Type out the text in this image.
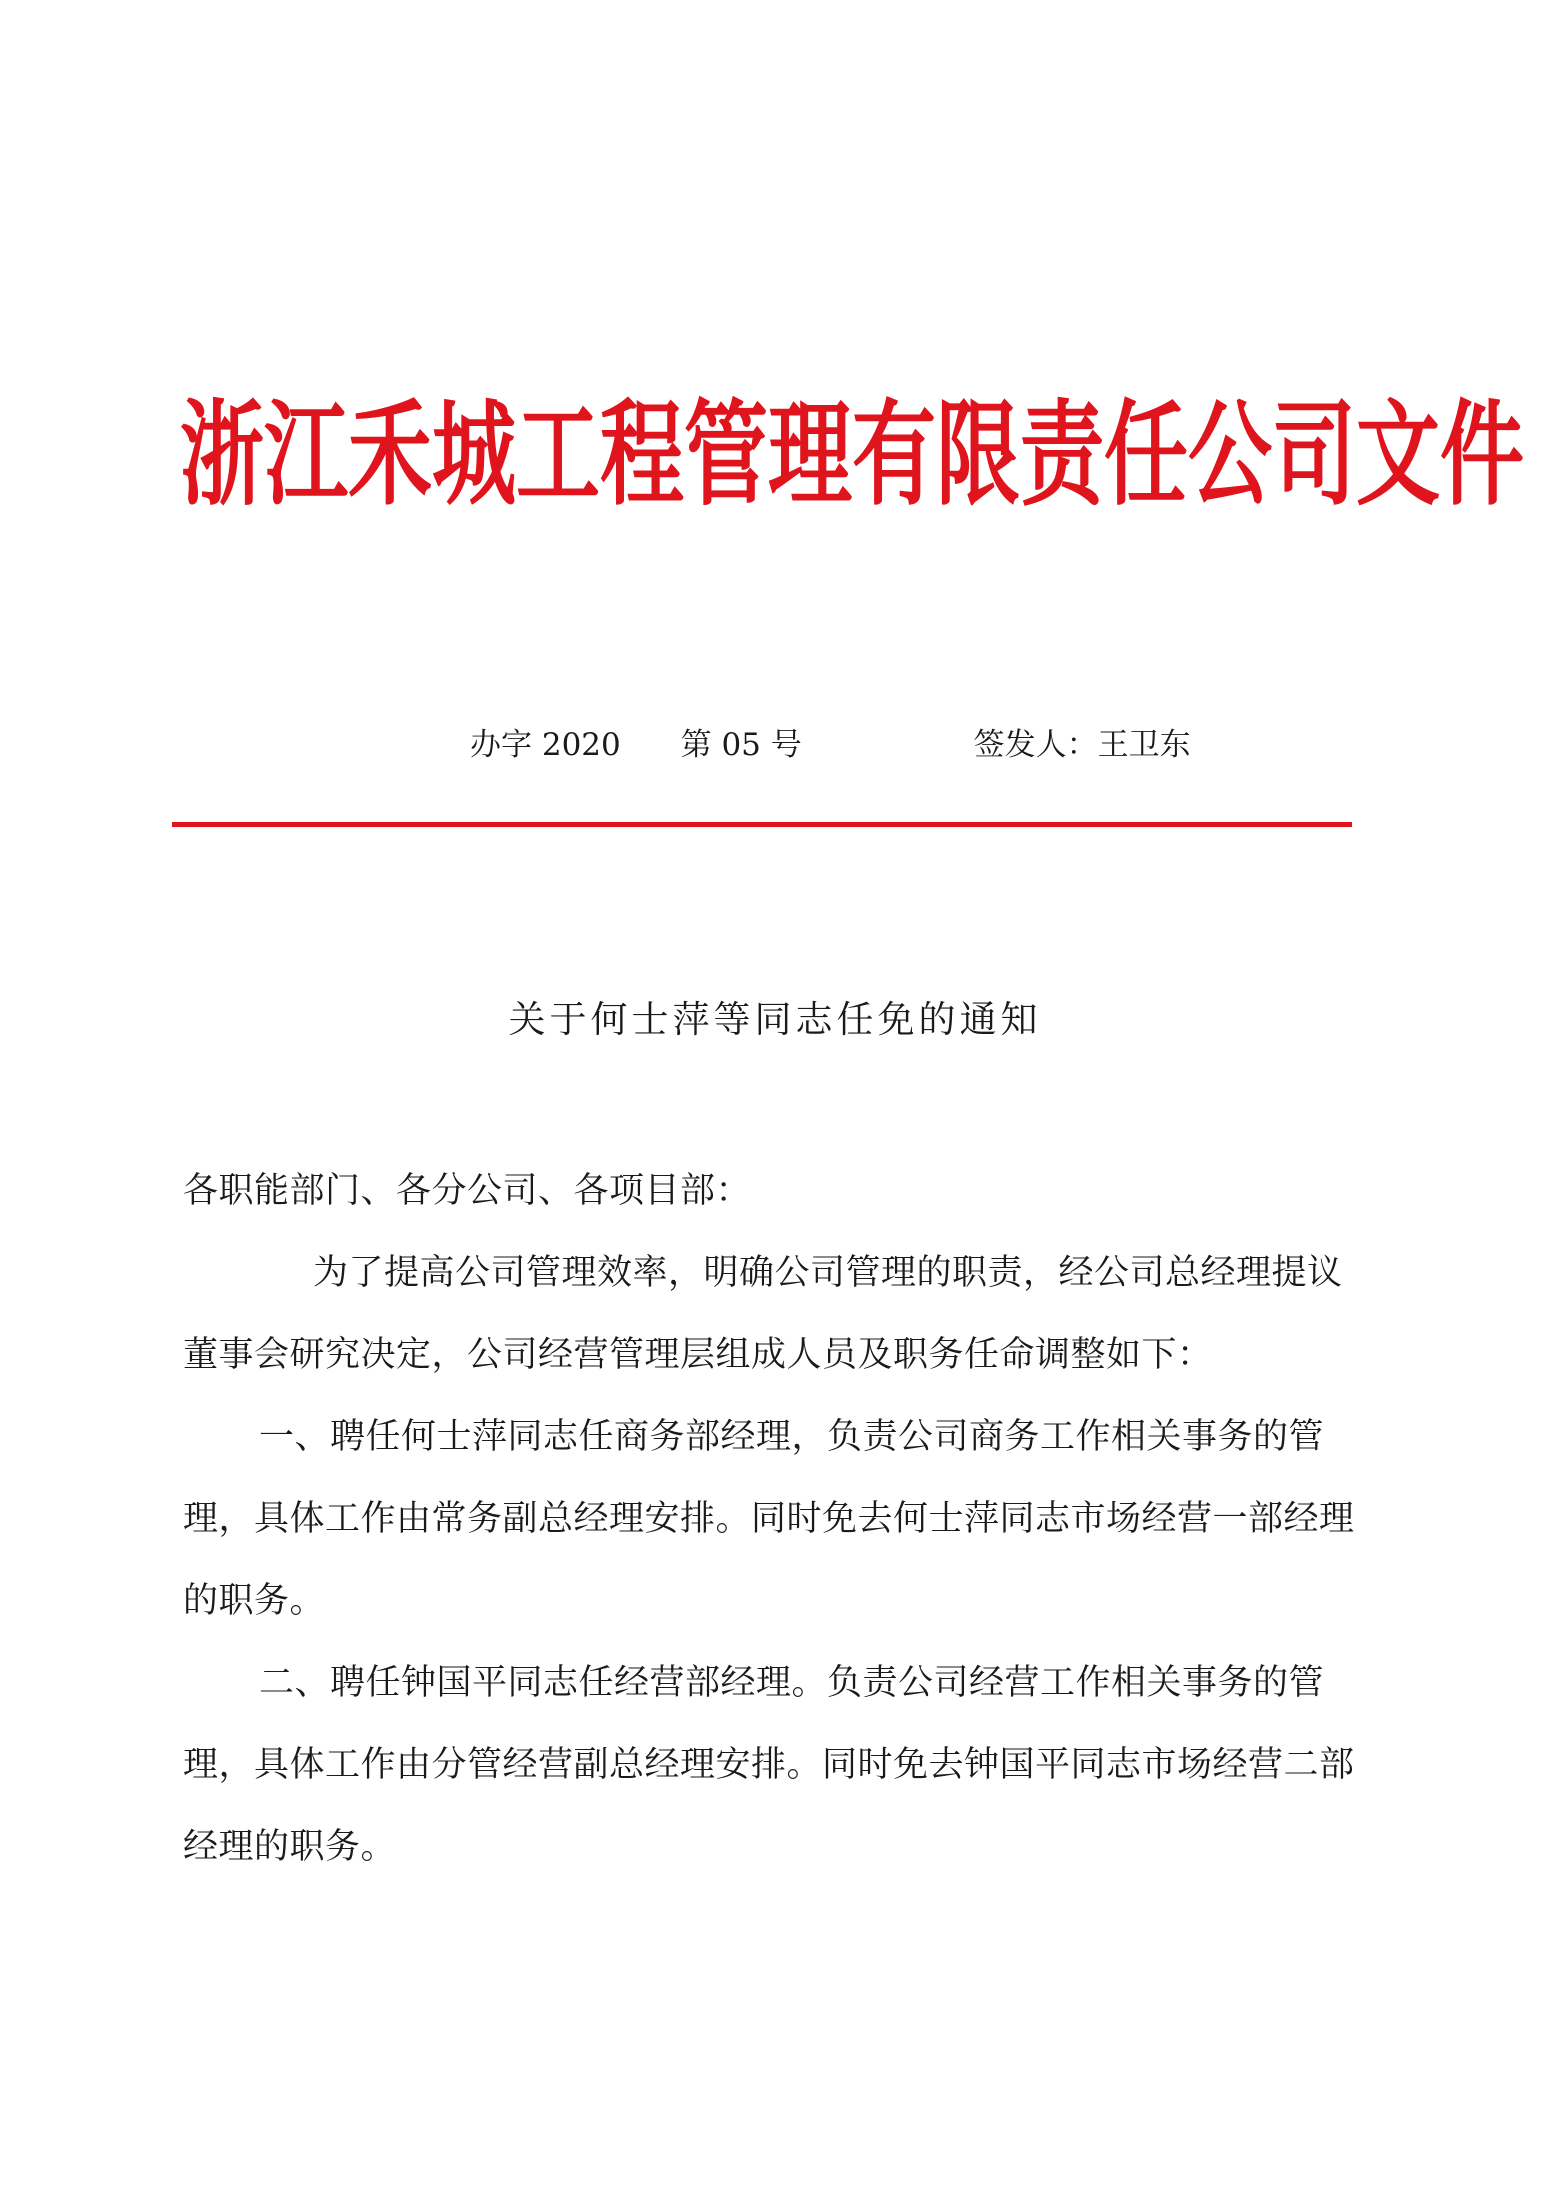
浙江禾城工程管理有限责任公司文件
办字 2020 第 05 号	签发人：王卫东
关于何士萍等同志任免的通知
各职能部门、各分公司、各项目部：
为了提高公司管理效率，明确公司管理的职责，经公司总经理提议董事会研究决定，公司经营管理层组成人员及职务任命调整如下：
一、聘任何士萍同志任商务部经理，负责公司商务工作相关事务的管理，具体工作由常务副总经理安排。同时免去何士萍同志市场经营一部经理的职务。
二、聘任钟国平同志任经营部经理。负责公司经营工作相关事务的管理，具体工作由分管经营副总经理安排。同时免去钟国平同志市场经营二部经理的职务。
